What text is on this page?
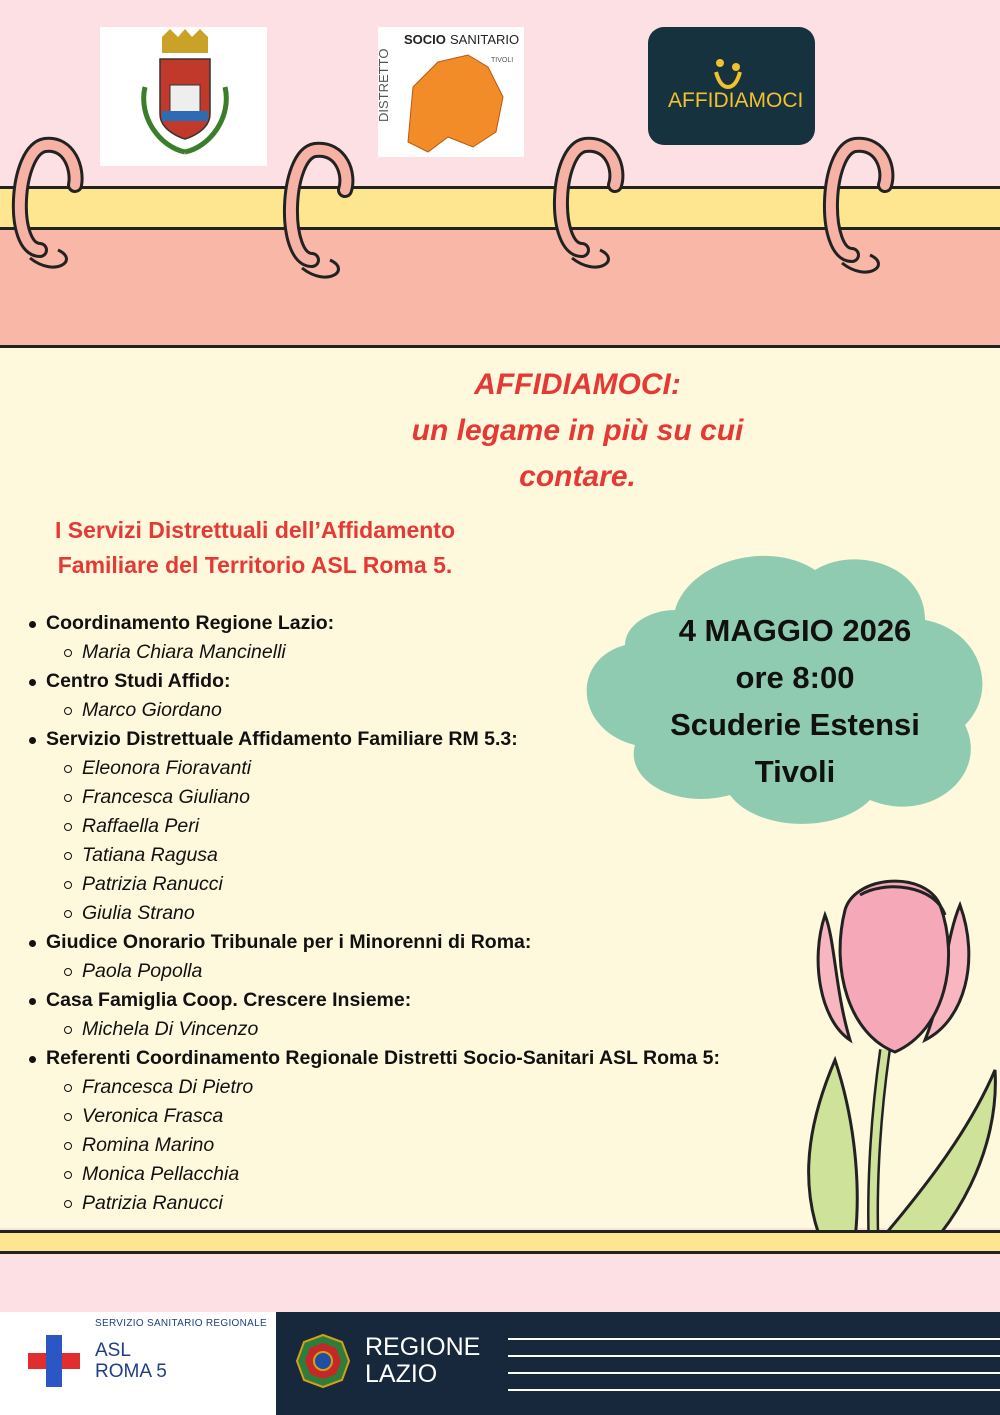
DISTRETTO
SOCIO SANITARIO
TIVOLI
AFFIDIAMOCI
AFFIDIAMOCI:
un legame in più su cui
contare.
I Servizi Distrettuali dell’Affidamento
Familiare del Territorio ASL Roma 5.
Coordinamento Regione Lazio:
Maria Chiara Mancinelli
Centro Studi Affido:
Marco Giordano
Servizio Distrettuale Affidamento Familiare RM 5.3:
Eleonora Fioravanti
Francesca Giuliano
Raffaella Peri
Tatiana Ragusa
Patrizia Ranucci
Giulia Strano
Giudice Onorario Tribunale per i Minorenni di Roma:
Paola Popolla
Casa Famiglia Coop. Crescere Insieme:
Michela Di Vincenzo
Referenti Coordinamento Regionale Distretti Socio-Sanitari ASL Roma 5:
Francesca Di Pietro
Veronica Frasca
Romina Marino
Monica Pellacchia
Patrizia Ranucci
4 MAGGIO 2026
ore 8:00
Scuderie Estensi
Tivoli
SERVIZIO SANITARIO REGIONALE
ASL
ROMA 5
REGIONE
LAZIO
